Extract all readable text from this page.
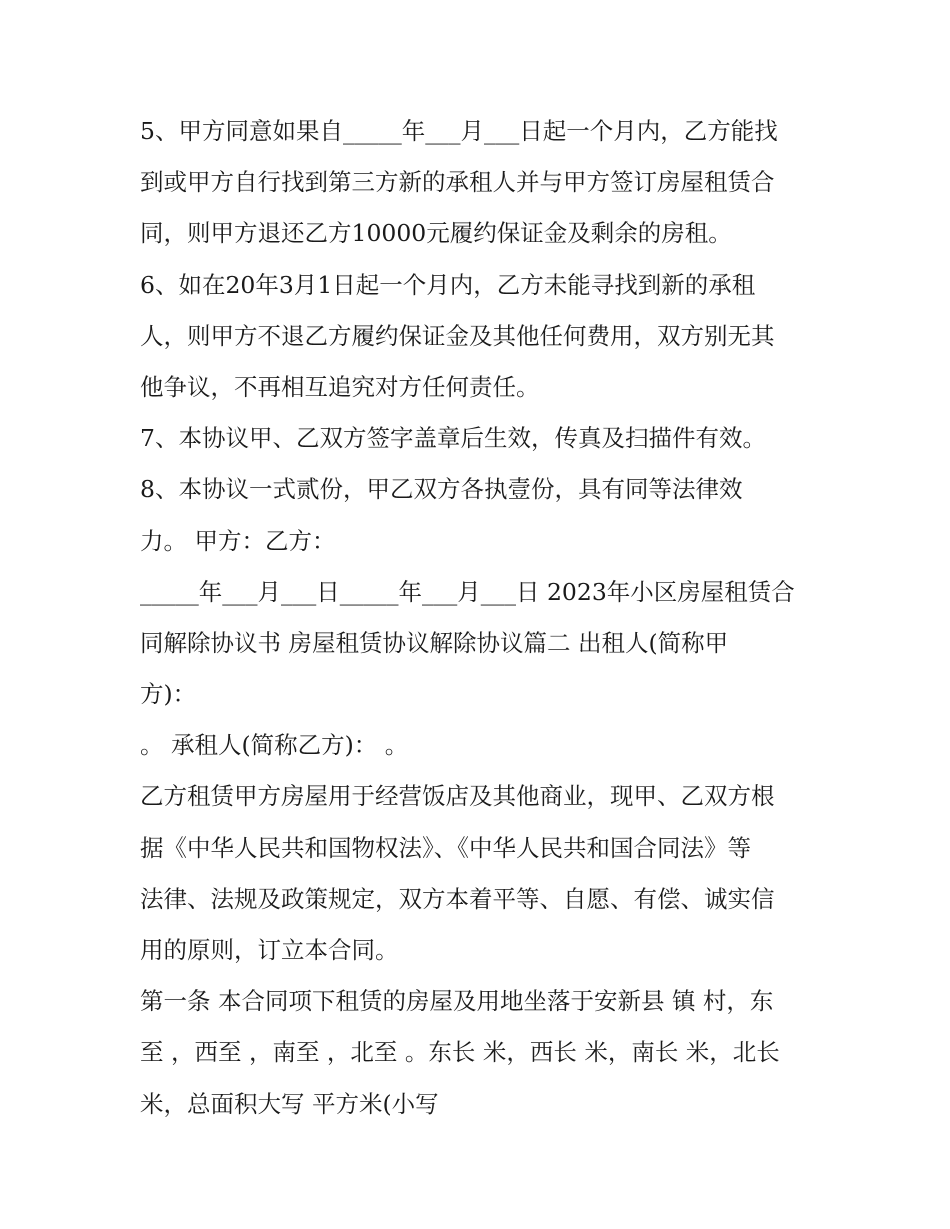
5、甲方同意如果自_____年___月___日起一个月内，乙方能找
到或甲方自行找到第三方新的承租人并与甲方签订房屋租赁合
同，则甲方退还乙方10000元履约保证金及剩余的房租。
6、如在20年3月1日起一个月内，乙方未能寻找到新的承租
人，则甲方不退乙方履约保证金及其他任何费用，双方别无其
他争议，不再相互追究对方任何责任。
7、本协议甲、乙双方签字盖章后生效，传真及扫描件有效。
8、本协议一式贰份，甲乙双方各执壹份，具有同等法律效
力。 甲方：乙方：
_____年___月___日_____年___月___日 2023年小区房屋租赁合
同解除协议书 房屋租赁协议解除协议篇二 出租人(简称甲
方)：
。 承租人(简称乙方)： 。
乙方租赁甲方房屋用于经营饭店及其他商业，现甲、乙双方根
据《中华人民共和国物权法》、《中华人民共和国合同法》等
法律、法规及政策规定，双方本着平等、自愿、有偿、诚实信
用的原则，订立本合同。
第一条 本合同项下租赁的房屋及用地坐落于安新县 镇 村，东
至 ，西至 ，南至 ，北至 。东长 米，西长 米，南长 米，北长
米，总面积大写 平方米(小写
